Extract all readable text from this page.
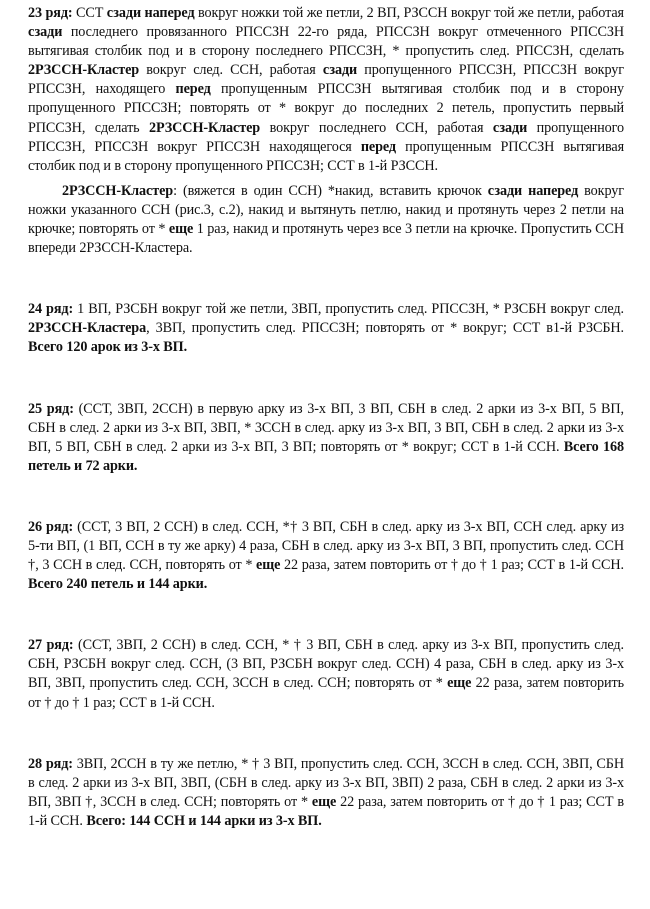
23 ряд: ССТ сзади наперед вокруг ножки той же петли, 2 ВП, РЗССН вокруг той же петли, работая сзади последнего провязанного РПССЗН 22-го ряда, РПССЗН вокруг отмеченного РПССЗН вытягивая столбик под и в сторону последнего РПССЗН, * пропустить след. РПССЗН, сделать 2РЗССН-Кластер вокруг след. ССН, работая сзади пропущенного РПССЗН, РПССЗН вокруг РПССЗН, находящего перед пропущенным РПССЗН вытягивая столбик под и в сторону пропущенного РПССЗН; повторять от * вокруг до последних 2 петель, пропустить первый РПССЗН, сделать 2РЗССН-Кластер вокруг последнего ССН, работая сзади пропущенного РПССЗН, РПССЗН вокруг РПССЗН находящегося перед пропущенным РПССЗН вытягивая столбик под и в сторону пропущенного РПССЗН; ССТ в 1-й РЗССН.

2РЗССН-Кластер: (вяжется в один ССН) *накид, вставить крючок сзади наперед вокруг ножки указанного ССН (рис.3, с.2), накид и вытянуть петлю, накид и протянуть через 2 петли на крючке; повторять от * еще 1 раз, накид и протянуть через все 3 петли на крючке. Пропустить ССН впереди 2РЗССН-Кластера.

24 ряд: 1 ВП, РЗСБН вокруг той же петли, 3ВП, пропустить след. РПССЗН, * РЗСБН вокруг след. 2РЗССН-Кластера, 3ВП, пропустить след. РПССЗН; повторять от * вокруг; ССТ в1-й РЗСБН. Всего 120 арок из 3-х ВП.

25 ряд: (ССТ, 3ВП, 2ССН) в первую арку из 3-х ВП, 3 ВП, СБН в след. 2 арки из 3-х ВП, 5 ВП, СБН в след. 2 арки из 3-х ВП, 3ВП, * 3ССН в след. арку из 3-х ВП, 3 ВП, СБН в след. 2 арки из 3-х ВП, 5 ВП, СБН в след. 2 арки из 3-х ВП, 3 ВП; повторять от * вокруг; ССТ в 1-й ССН. Всего 168 петель и 72 арки.

26 ряд: (ССТ, 3 ВП, 2 ССН) в след. ССН, *† 3 ВП, СБН в след. арку из 3-х ВП, ССН след. арку из 5-ти ВП, (1 ВП, ССН в ту же арку) 4 раза, СБН в след. арку из 3-х ВП, 3 ВП, пропустить след. ССН †, 3 ССН в след. ССН, повторять от * еще 22 раза, затем повторить от † до † 1 раз; ССТ в 1-й ССН. Всего 240 петель и 144 арки.

27 ряд: (ССТ, 3ВП, 2 ССН) в след. ССН, * † 3 ВП, СБН в след. арку из 3-х ВП, пропустить след. СБН, РЗСБН вокруг след. ССН, (3 ВП, РЗСБН вокруг след. ССН) 4 раза, СБН в след. арку из 3-х ВП, 3ВП, пропустить след. ССН, 3ССН в след. ССН; повторять от * еще 22 раза, затем повторить от † до † 1 раз; ССТ в 1-й ССН.

28 ряд: 3ВП, 2ССН в ту же петлю, * † 3 ВП, пропустить след. ССН, 3ССН в след. ССН, 3ВП, СБН в след. 2 арки из 3-х ВП, 3ВП, (СБН в след. арку из 3-х ВП, 3ВП) 2 раза, СБН в след. 2 арки из 3-х ВП, 3ВП †, 3ССН в след. ССН; повторять от * еще 22 раза, затем повторить от † до † 1 раз; ССТ в 1-й ССН. Всего: 144 ССН и 144 арки из 3-х ВП.
